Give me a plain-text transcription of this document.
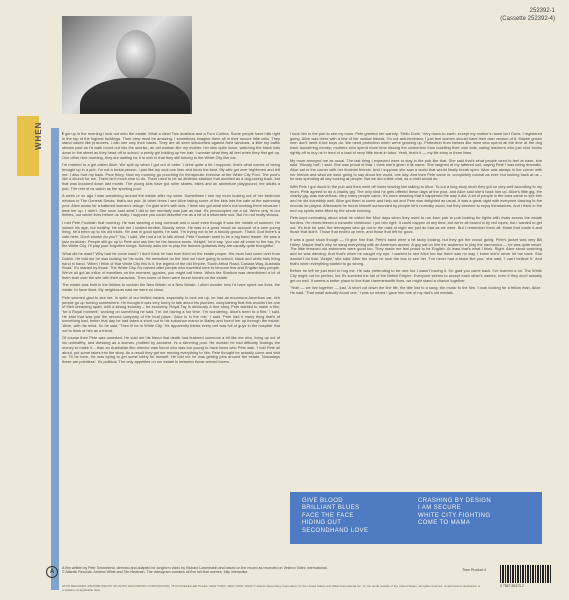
252392-1
(Cassette 252392-4)
WHEN	I got up in the morning I look out onto the estate. What a view! Two dustbins and a Ford Cortina. Some people have hills right in the top of the highest buildings. Their view must be amazing. I sometimes imagine them all in their secure little cells. They stand naked like prisoners. I can see only their backs. They are all seen silhouetted against their windows, a little toy traffic stream past as I'd walk round out into the sunrise, an old woman like my mother, her skin quite loose, watching the black kids down in the street as they head off to school; a pretty girl holding up her hair. I wonder what they all feel when they first get up. One other nice morning, they are waiting for it to sink in that they still belong to the White City like me.

I'm married to a girl called Alice. We split up when I got out of order. I drink quite a bit I suppose, that's what comes of being brought up in a pub. I'm not a brutal person. I just like my cool one liner and know the best. My wife got over frightened and left me. I also hurt my back. Poor thing. Now my morning go punching for therapeutic exercise at the White City Pool. The pool's like a church for me. There isn't much else to do. There used to be an athletics stadium that doubled as a dog-racing track, but that was knocked down last month. The young kids have got roller skates, bikes and an adventure playground, the adults a pub. The rest of us watch as the sporting pool.

A week or so ago I was wandering around the estate after my swim. Sometimes I see my mum looking out of her bedroom window in The General Smuts, that's our pub. At other times I see Alice taking some of the kids into the cafe at the swimming pool. Alice works for a battered women's refuge. I'm glad she's with kids. I think she got what she's not working there because I beat her up. I didn't. She once said what I did to her mentally was just as bad. It's preoccupied me a lot. We're only in our thirties, our whole lives before us really. I suppose you could describe me as a bit of a miserable sod. But I'm not really vicious.

I met Pete Fountain that morning. He was wearing a long overcoat and a scarf even though it was the middle of summer. He looked his age, but healthy. He told me I looked terrible. Bloody nerve. He was in a good mood on account of a new young thing, he'd been up to his old tricks. He was in good spirits, he said. 'I'm trying not to be a bloody grouch. Thank God there's a cafe here. Don't smoke do you?' 'No,' I said. We had a lot to talk about. Pete Fountain used to be a big band leader. He was a jazz musician. People still go up to Pete and ask him for his famous scars. 'Alright,' he'd say, 'you can all come to the bar, it's the White City. I'll play your forgotten songs. Nobody asks me to play the famous guitarists they are usually quite thoughtful.'

What did he want? Why had he come back? I don't think he had ever lived on the estate proper. His mum had come over from Dublin. He told me he was looking for his roots. He remarked on the Irish we have going to school, black and white kids living hand in hand. 'When I think of that White City this is it, the legend of the old Empire, South Africa Road, Canada Way, Australia Road.' It's started by those. The White City. It's named after people who travelled here to become this and English fairy people. We've all got an influx of travellers on the moment, gypsies, you might call them. When the Stadium was demolished a lot of them took over the site with their caravans. Then some of them were found homes on the estate.

The estate was built in the thirties to contain the New Britain of a New Britain. I often wonder how I'd have spent our lives, the estate I'd have liked. My neighbours said we were so close.

Pete seemed glad to see me. In spite of our limited means, especially to look me up, he had an enormous American car, rich people go up turning somewhere. He thought it was very funny to talk about his plumber, complaining that this wouldn't be one of their dreaming apart, with a strong industry – for economy. Royal Tay is obviously a true story. Pete wanted to make a film, 'for a Royal moment,' working on something he said. 'I'm not having a fun time. 'I'm wondering, Alice's been to a film,' I said. He said that was just the second company of the loud place. 'Alice is in the mix.' I said, 'Pete had it many thing that's of something bad, better that day he had taken a short out to his suburban manor in Bailey and found her up through the estate. 'Alice, with his mind. So he said, 'Then Ill be in White City.' He apparently thinks every cell was full of guys in the hospital. But not to think of him as a friend.

Of course then Pete was unrested. He sold me his friend that death had featured someone a bit like me who, living up out of his unhealthy, and dressing as a woman, profited by accident. I's a slimming pool. He wonder he had difficulty findings the money to make it – than an Australian film director was found who was too young to have know who Pete was. 'I told Pete all about, put some takes into the story. As a result they got me moving everything to film. Pete thought he actually come and visit us. 'I'll be here. He was trying to get some lobby for himself. He told me he was getting jobs around the estate. Nowadays these are pointless'. It's political. The only appetites on our estate is between those arrived lovers.

I took him to the pub to see my mum. Pete greeted her warmly: 'Hello Doris.' Very down-to-earth, except my mother's name isn't Doris. I registered going. Alice was there with a few of her radical friends. I'm not anti-feminism, I just feel women should have their own version of it. Maybe grown men don't need it but boys do. We need protection when we're growing up. Protection from fathers like mine who spend all the time at the dog track laundering money; mothers who spend more time kissing the customers than cuddling their own kids; caring teachers who just shut books rightly off to buy us in front of a load of sexy little birds in tutus. Yeah, that's it — my life story in three lines.

My mum annoyed me as usual. The last thing I expected were to stay in the pub like that. She said that's what people need to feel at ease, she said. 'Bloody hell', I said. She was proud of that, I think she'd given it its name. She laughed at my tattered suit, saying Pete I was being dramatic. Alice sat in the corner with her feminist friends. And I suppose she saw a world that would finally break open. Alice was always in the corner with her friends and what we were going to say about the world, one day. And then Pete came in, completely normal as ever, but looking back at us – he was spending all day looking at people. But we did a little chat, as a child would do.

With Pete I got drunk in the pub and then went off home leaving him talking to Alice. To cut a long story short they got on very well according to my mum. Pete agreed to do a charity gig. The only kind he gets offered these days at the pool, and Alice said she'd back him up. Alice's little gig, the charity gig, was marvellous. Very many people came. It's more amazing that it happened the way it did. A lot of people in the area came to see him and he did incredibly well. Alice got them to come and help out and Pete was delighted as usual. It was a great night with everyone dancing to the records he played. Afterwards he found himself surrounded by people he'd normally avoid, but they seemed to enjoy themselves. And I think in the end my spirits were lifted by the whole evening.

Pete kept ruminating about what he called the Mod days when they used to run from pub to pub looking for fights with rivals across the estate borders. He remembered a romantic childhood. I put him right. It could happen at any time, but we're all locked in by red ropes, but I wanted to get out. It's true he said, the teenagers who go out to the road at night are just as bad as we were. But I remember them all: those that made it and those that didn't. Those that ended up here, and those that left for good.

It was a good show though — I'll give him that. Pete's band were a bit tacky looking, but they got the crowd going. Pete's jacket was very Bill Haley. Maybe that's why he sang everything with an American accent. A guy sat on him the audience to play the harmonica — he was quite smart. The little terraced old swimmers were good too. They made me feel proud to be English. At least that's what I think. Right. Alice stood watching and he was dancing. And that's when he caught my eye. I wanted to see Alice too but there was no way. I knew she'd never hit me back. She wouldn't do that. 'Alright,' she said. After the show he took the bus to see her. 'I've never had a bloke like you,' she said, 'I can't believe it.' And that's when everything started to go wrong.

Before he left he just tried to hug me. He was pretending to be nice but I wasn't having it. I'm glad you came back. I've learned a lot. The White City might not be perfect, but it's survived the fall of the British Empire. Everyone seems to accept each other's names, even if they don't actually get on well. It seems a better place to live than Hammersmith lives, we might stand a chance together.

'Yeah — we live together — just.' A short cut down the line life, the title lost to a song, the music to the film. 'I was looking for a fellow man, Alice.' He said. 'That small actually found one.' I was so mixed I gave him one of my dad's old medals.

GIVE BLOOD
BRILLIANT BLUES
FACE THE FACE
HIDING OUT
SECONDHAND LOVE
CRASHING BY DESIGN
I AM SECURE
WHITE CITY FIGHTING
COME TO MAMA
A
A film written by Pete Townshend, directed and adapted for longform video by Richard Lowenstein and based on the record as recorded on Vestron Video International.
© Atlantic Records. Andrew Wilde and Tim Newman. The videogram contains all five full final scenes, fully interactive.
ATCO RECORDS. DISTRIBUTED BY ATLANTIC RECORDING CORPORATION, 75 ROCKEFELLER PLAZA, NEW YORK, NEW YORK 10019 © Atlantic Recording Corporation for the United States and WEA International Inc. for the world outside of the United States. All rights reserved. Unauthorized duplication is a violation of applicable laws.
Time Product 4
0 7567-90473-2
